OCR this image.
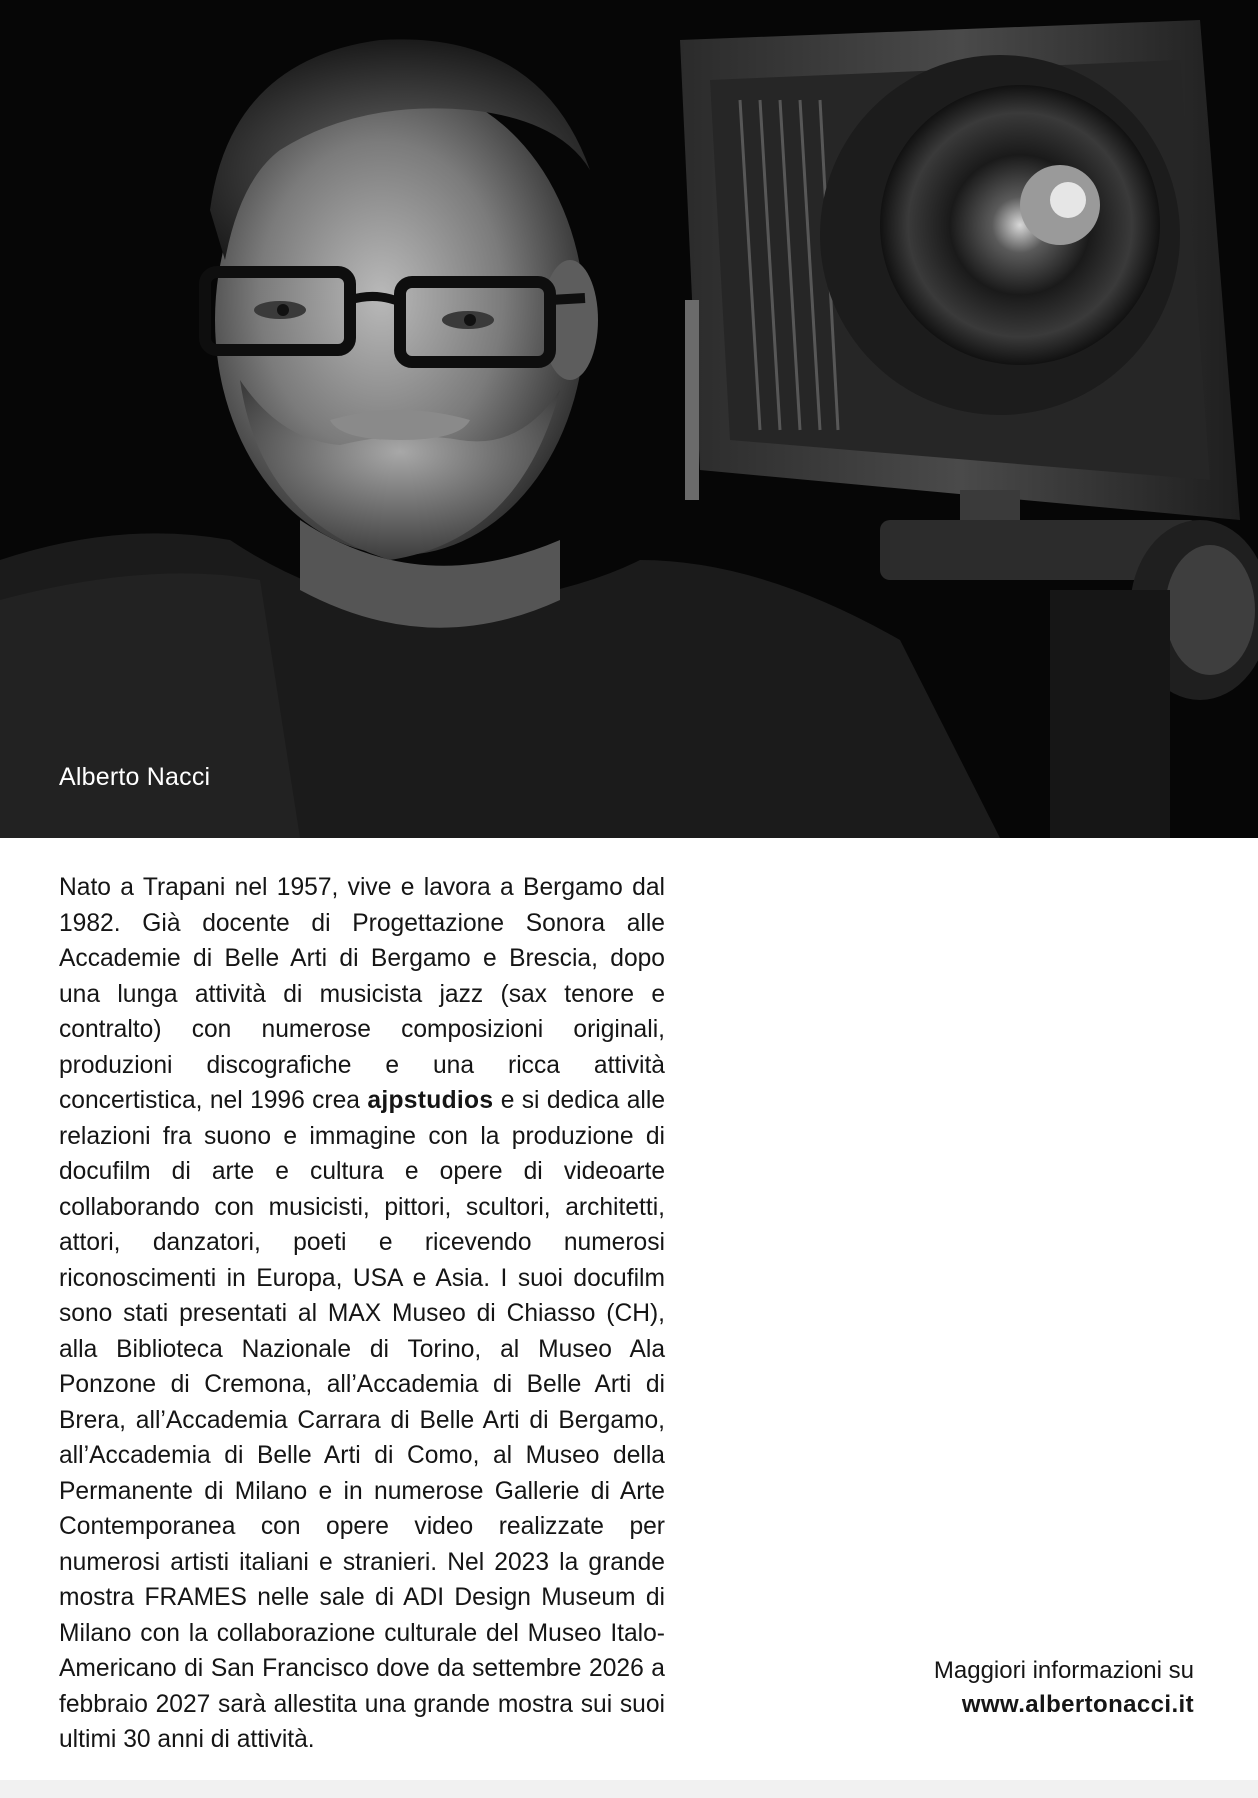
Alberto Nacci
Nato a Trapani nel 1957, vive e lavora a Bergamo dal 1982. Già docente di Progettazione Sonora alle Accademie di Belle Arti di Bergamo e Brescia, dopo una lunga attività di musicista jazz (sax tenore e contralto) con numerose composizioni originali, produzioni discografiche e una ricca attività concertistica, nel 1996 crea ajpstudios e si dedica alle relazioni fra suono e immagine con la produzione di docufilm di arte e cultura e opere di videoarte collaborando con musicisti, pittori, scultori, architetti, attori, danzatori, poeti e ricevendo numerosi riconoscimenti in Europa, USA e Asia. I suoi docufilm sono stati presentati al MAX Museo di Chiasso (CH), alla Biblioteca Nazionale di Torino, al Museo Ala Ponzone di Cremona, all’Accademia di Belle Arti di Brera, all’Accademia Carrara di Belle Arti di Bergamo, all’Accademia di Belle Arti di Como, al Museo della Permanente di Milano e in numerose Gallerie di Arte Contemporanea con opere video realizzate per numerosi artisti italiani e stranieri. Nel 2023 la grande mostra FRAMES nelle sale di ADI Design Museum di Milano con la collaborazione culturale del Museo Italo-Americano di San Francisco dove da settembre 2026 a febbraio 2027 sarà allestita una grande mostra sui suoi ultimi 30 anni di attività.
Maggiori informazioni su
www.albertonacci.it
